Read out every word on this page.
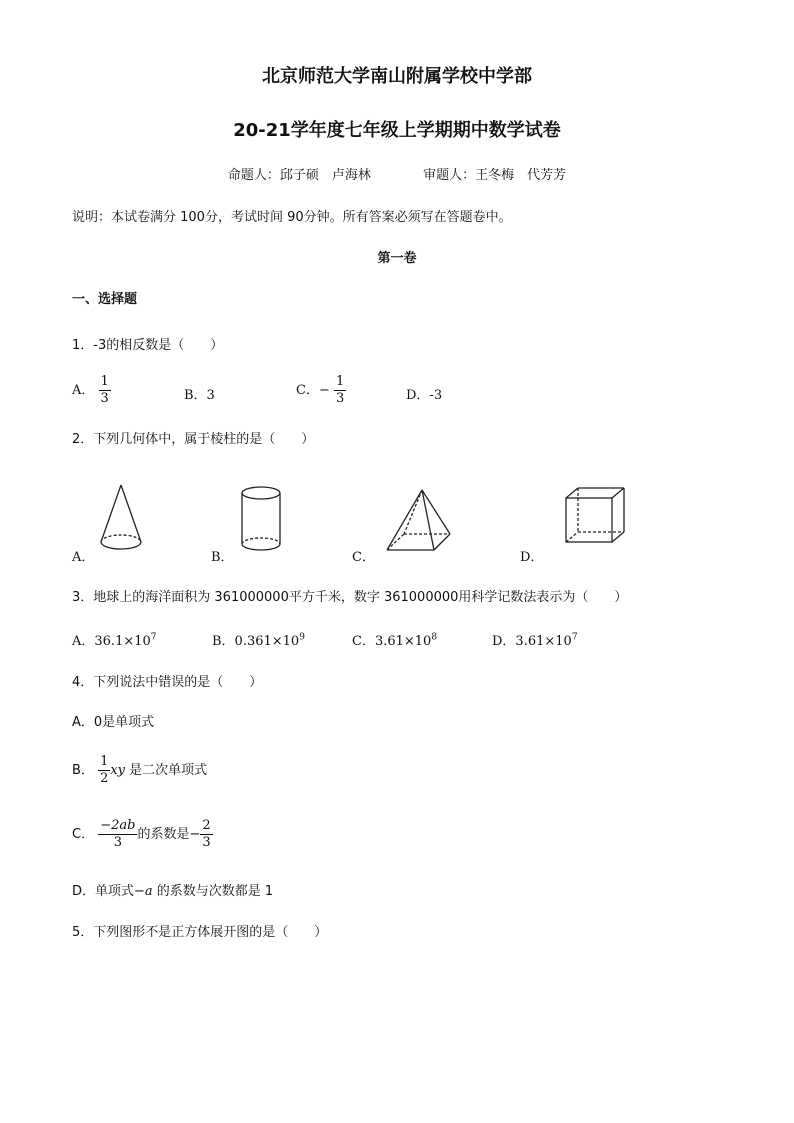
北京师范大学南山附属学校中学部
20-21学年度七年级上学期期中数学试卷
命题人：邱子硕　卢海林	审题人：王冬梅　代芳芳
说明：本试卷满分 100分，考试时间 90分钟。所有答案必须写在答题卷中。
第一卷
一、选择题
1．-3的相反数是（　　）
A． $\frac{1}{3}$	B．3	C．− $\frac{1}{3}$	D．-3
2．下列几何体中，属于棱柱的是（　　）
A．	B．	C．	D．
3．地球上的海洋面积为 361000000平方千米，数字 361000000用科学记数法表示为（　　）
A．$36.1\times 10^7$	B．$0.361\times 10^9$	C．$3.61\times 10^8$	D．$3.61\times 10^7$
4．下列说法中错误的是（　　）
A．0是单项式
B． $\frac{1}{2}$ xy 是二次单项式
C． $\frac{-2ab}{3}$ 的系数是− $\frac{2}{3}$
D．单项式−a 的系数与次数都是 1
5．下列图形不是正方体展开图的是（　　）
